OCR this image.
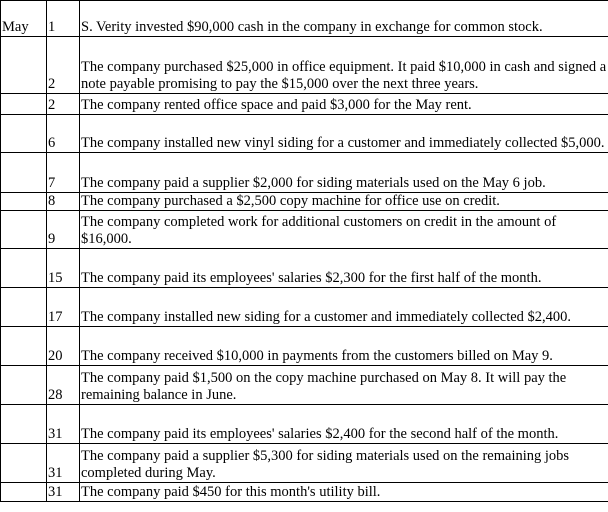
May	1	S. Verity invested $90,000 cash in the company in exchange for common stock.
	2	The company purchased $25,000 in office equipment. It paid $10,000 in cash and signed a note payable promising to pay the $15,000 over the next three years.
	2	The company rented office space and paid $3,000 for the May rent.
	6	The company installed new vinyl siding for a customer and immediately collected $5,000.
	7	The company paid a supplier $2,000 for siding materials used on the May 6 job.
	8	The company purchased a $2,500 copy machine for office use on credit.
	9	The company completed work for additional customers on credit in the amount of $16,000.
	15	The company paid its employees' salaries $2,300 for the first half of the month.
	17	The company installed new siding for a customer and immediately collected $2,400.
	20	The company received $10,000 in payments from the customers billed on May 9.
	28	The company paid $1,500 on the copy machine purchased on May 8. It will pay the remaining balance in June.
	31	The company paid its employees' salaries $2,400 for the second half of the month.
	31	The company paid a supplier $5,300 for siding materials used on the remaining jobs completed during May.
	31	The company paid $450 for this month's utility bill.
